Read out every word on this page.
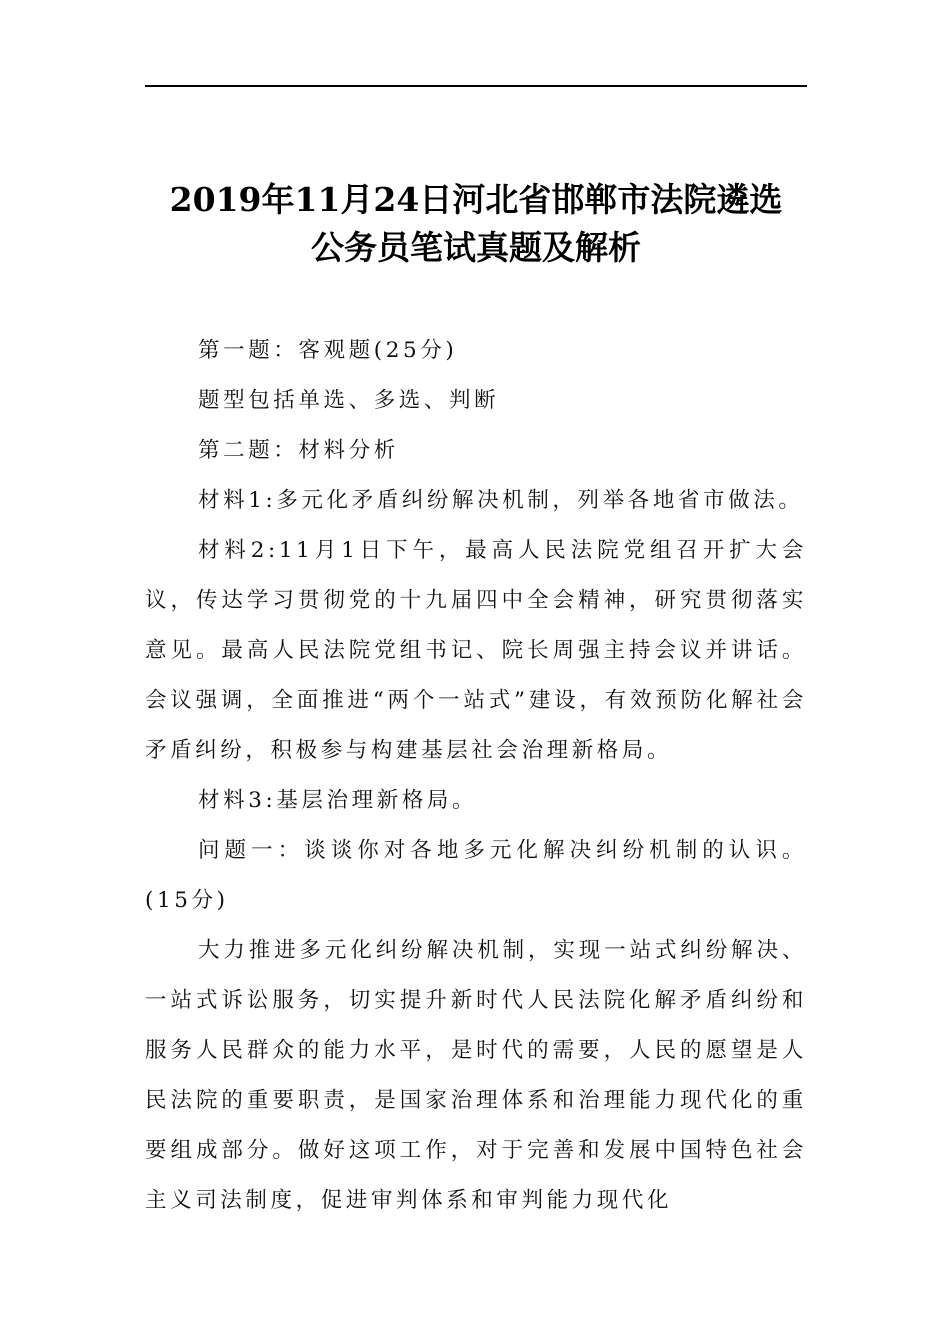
2019年11月24日河北省邯郸市法院遴选
公务员笔试真题及解析

第一题：客观题(25分)

题型包括单选、多选、判断

第二题：材料分析

材料1:多元化矛盾纠纷解决机制，列举各地省市做法。

材料2:11月1日下午，最高人民法院党组召开扩大会议，传达学习贯彻党的十九届四中全会精神，研究贯彻落实意见。最高人民法院党组书记、院长周强主持会议并讲话。会议强调，全面推进“两个一站式”建设，有效预防化解社会矛盾纠纷，积极参与构建基层社会治理新格局。

材料3:基层治理新格局。

问题一：谈谈你对各地多元化解决纠纷机制的认识。(15分)

大力推进多元化纠纷解决机制，实现一站式纠纷解决、一站式诉讼服务，切实提升新时代人民法院化解矛盾纠纷和服务人民群众的能力水平，是时代的需要，人民的愿望是人民法院的重要职责，是国家治理体系和治理能力现代化的重要组成部分。做好这项工作，对于完善和发展中国特色社会主义司法制度，促进审判体系和审判能力现代化
